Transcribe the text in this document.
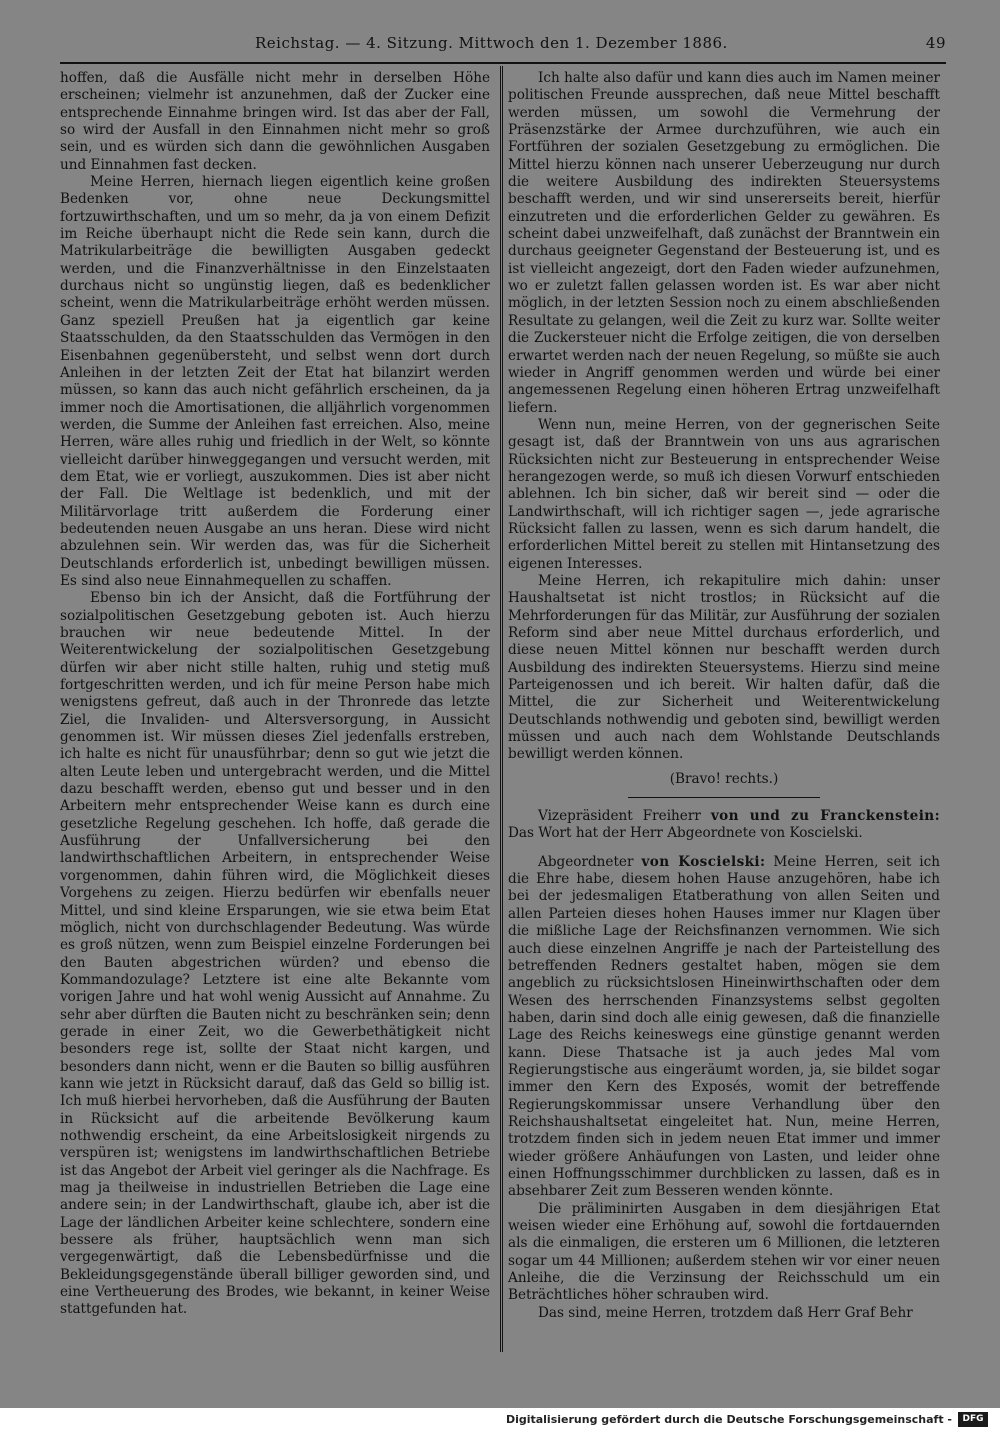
Reichstag. — 4. Sitzung. Mittwoch den 1. Dezember 1886.	49

hoffen, daß die Ausfälle nicht mehr in derselben Höhe erscheinen; vielmehr ist anzunehmen, daß der Zucker eine entsprechende Einnahme bringen wird. Ist das aber der Fall, so wird der Ausfall in den Einnahmen nicht mehr so groß sein, und es würden sich dann die gewöhnlichen Ausgaben und Einnahmen fast decken.

Meine Herren, hiernach liegen eigentlich keine großen Bedenken vor, ohne neue Deckungsmittel fortzuwirthschaften, und um so mehr, da ja von einem Defizit im Reiche überhaupt nicht die Rede sein kann, durch die Matrikularbeiträge die bewilligten Ausgaben gedeckt werden, und die Finanzverhältnisse in den Einzelstaaten durchaus nicht so ungünstig liegen, daß es bedenklicher scheint, wenn die Matrikularbeiträge erhöht werden müssen. Ganz speziell Preußen hat ja eigentlich gar keine Staatsschulden, da den Staatsschulden das Vermögen in den Eisenbahnen gegenübersteht, und selbst wenn dort durch Anleihen in der letzten Zeit der Etat hat bilanzirt werden müssen, so kann das auch nicht gefährlich erscheinen, da ja immer noch die Amortisationen, die alljährlich vorgenommen werden, die Summe der Anleihen fast erreichen. Also, meine Herren, wäre alles ruhig und friedlich in der Welt, so könnte vielleicht darüber hinweggegangen und versucht werden, mit dem Etat, wie er vorliegt, auszukommen. Dies ist aber nicht der Fall. Die Weltlage ist bedenklich, und mit der Militärvorlage tritt außerdem die Forderung einer bedeutenden neuen Ausgabe an uns heran. Diese wird nicht abzulehnen sein. Wir werden das, was für die Sicherheit Deutschlands erforderlich ist, unbedingt bewilligen müssen. Es sind also neue Einnahmequellen zu schaffen.

Ebenso bin ich der Ansicht, daß die Fortführung der sozialpolitischen Gesetzgebung geboten ist. Auch hierzu brauchen wir neue bedeutende Mittel. In der Weiterentwickelung der sozialpolitischen Gesetzgebung dürfen wir aber nicht stille halten, ruhig und stetig muß fortgeschritten werden, und ich für meine Person habe mich wenigstens gefreut, daß auch in der Thronrede das letzte Ziel, die Invaliden- und Altersversorgung, in Aussicht genommen ist. Wir müssen dieses Ziel jedenfalls erstreben, ich halte es nicht für unausführbar; denn so gut wie jetzt die alten Leute leben und untergebracht werden, und die Mittel dazu beschafft werden, ebenso gut und besser und in den Arbeitern mehr entsprechender Weise kann es durch eine gesetzliche Regelung geschehen. Ich hoffe, daß gerade die Ausführung der Unfallversicherung bei den landwirthschaftlichen Arbeitern, in entsprechender Weise vorgenommen, dahin führen wird, die Möglichkeit dieses Vorgehens zu zeigen. Hierzu bedürfen wir ebenfalls neuer Mittel, und sind kleine Ersparungen, wie sie etwa beim Etat möglich, nicht von durchschlagender Bedeutung. Was würde es groß nützen, wenn zum Beispiel einzelne Forderungen bei den Bauten abgestrichen würden? und ebenso die Kommandozulage? Letztere ist eine alte Bekannte vom vorigen Jahre und hat wohl wenig Aussicht auf Annahme. Zu sehr aber dürften die Bauten nicht zu beschränken sein; denn gerade in einer Zeit, wo die Gewerbethätigkeit nicht besonders rege ist, sollte der Staat nicht kargen, und besonders dann nicht, wenn er die Bauten so billig ausführen kann wie jetzt in Rücksicht darauf, daß das Geld so billig ist. Ich muß hierbei hervorheben, daß die Ausführung der Bauten in Rücksicht auf die arbeitende Bevölkerung kaum nothwendig erscheint, da eine Arbeitslosigkeit nirgends zu verspüren ist; wenigstens im landwirthschaftlichen Betriebe ist das Angebot der Arbeit viel geringer als die Nachfrage. Es mag ja theilweise in industriellen Betrieben die Lage eine andere sein; in der Landwirthschaft, glaube ich, aber ist die Lage der ländlichen Arbeiter keine schlechtere, sondern eine bessere als früher, hauptsächlich wenn man sich vergegenwärtigt, daß die Lebensbedürfnisse und die Bekleidungsgegenstände überall billiger geworden sind, und eine Vertheuerung des Brodes, wie bekannt, in keiner Weise stattgefunden hat.

Ich halte also dafür und kann dies auch im Namen meiner politischen Freunde aussprechen, daß neue Mittel beschafft werden müssen, um sowohl die Vermehrung der Präsenzstärke der Armee durchzuführen, wie auch ein Fortführen der sozialen Gesetzgebung zu ermöglichen. Die Mittel hierzu können nach unserer Ueberzeugung nur durch die weitere Ausbildung des indirekten Steuersystems beschafft werden, und wir sind unsererseits bereit, hierfür einzutreten und die erforderlichen Gelder zu gewähren. Es scheint dabei unzweifelhaft, daß zunächst der Branntwein ein durchaus geeigneter Gegenstand der Besteuerung ist, und es ist vielleicht angezeigt, dort den Faden wieder aufzunehmen, wo er zuletzt fallen gelassen worden ist. Es war aber nicht möglich, in der letzten Session noch zu einem abschließenden Resultate zu gelangen, weil die Zeit zu kurz war. Sollte weiter die Zuckersteuer nicht die Erfolge zeitigen, die von derselben erwartet werden nach der neuen Regelung, so müßte sie auch wieder in Angriff genommen werden und würde bei einer angemessenen Regelung einen höheren Ertrag unzweifelhaft liefern.

Wenn nun, meine Herren, von der gegnerischen Seite gesagt ist, daß der Branntwein von uns aus agrarischen Rücksichten nicht zur Besteuerung in entsprechender Weise herangezogen werde, so muß ich diesen Vorwurf entschieden ablehnen. Ich bin sicher, daß wir bereit sind — oder die Landwirthschaft, will ich richtiger sagen —, jede agrarische Rücksicht fallen zu lassen, wenn es sich darum handelt, die erforderlichen Mittel bereit zu stellen mit Hintansetzung des eigenen Interesses.

Meine Herren, ich rekapitulire mich dahin: unser Haushaltsetat ist nicht trostlos; in Rücksicht auf die Mehrforderungen für das Militär, zur Ausführung der sozialen Reform sind aber neue Mittel durchaus erforderlich, und diese neuen Mittel können nur beschafft werden durch Ausbildung des indirekten Steuersystems. Hierzu sind meine Parteigenossen und ich bereit. Wir halten dafür, daß die Mittel, die zur Sicherheit und Weiterentwickelung Deutschlands nothwendig und geboten sind, bewilligt werden müssen und auch nach dem Wohlstande Deutschlands bewilligt werden können.

(Bravo! rechts.)

Vizepräsident Freiherr von und zu Franckenstein: Das Wort hat der Herr Abgeordnete von Koscielski.

Abgeordneter von Koscielski: Meine Herren, seit ich die Ehre habe, diesem hohen Hause anzugehören, habe ich bei der jedesmaligen Etatberathung von allen Seiten und allen Parteien dieses hohen Hauses immer nur Klagen über die mißliche Lage der Reichsfinanzen vernommen. Wie sich auch diese einzelnen Angriffe je nach der Parteistellung des betreffenden Redners gestaltet haben, mögen sie dem angeblich zu rücksichtslosen Hineinwirthschaften oder dem Wesen des herrschenden Finanzsystems selbst gegolten haben, darin sind doch alle einig gewesen, daß die finanzielle Lage des Reichs keineswegs eine günstige genannt werden kann. Diese Thatsache ist ja auch jedes Mal vom Regierungstische aus eingeräumt worden, ja, sie bildet sogar immer den Kern des Exposés, womit der betreffende Regierungskommissar unsere Verhandlung über den Reichshaushaltsetat eingeleitet hat. Nun, meine Herren, trotzdem finden sich in jedem neuen Etat immer und immer wieder größere Anhäufungen von Lasten, und leider ohne einen Hoffnungsschimmer durchblicken zu lassen, daß es in absehbarer Zeit zum Besseren wenden könnte.

Die präliminirten Ausgaben in dem diesjährigen Etat weisen wieder eine Erhöhung auf, sowohl die fortdauernden als die einmaligen, die ersteren um 6 Millionen, die letzteren sogar um 44 Millionen; außerdem stehen wir vor einer neuen Anleihe, die die Verzinsung der Reichsschuld um ein Beträchtliches höher schrauben wird.

Das sind, meine Herren, trotzdem daß Herr Graf Behr

Digitalisierung gefördert durch die Deutsche Forschungsgemeinschaft -	DFG
